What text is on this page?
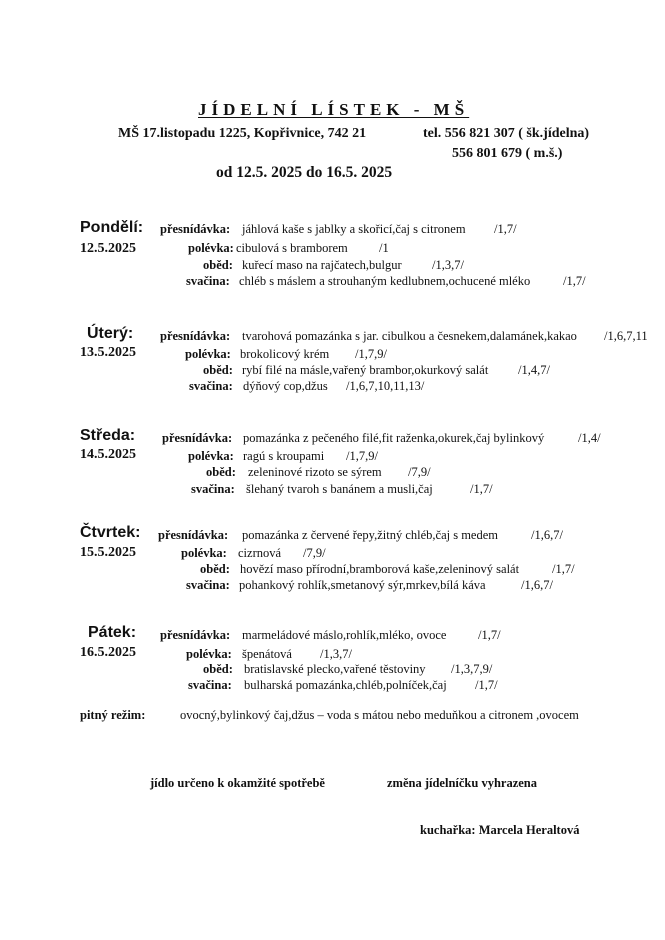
JÍDELNÍ LÍSTEK - MŠ
MŠ 17.listopadu 1225, Kopřivnice, 742 21	tel. 556 821 307 ( šk.jídelna)
556 801 679 ( m.š.)
od 12.5. 2025 do 16.5. 2025
Pondělí:
12.5.2025
přesnídávka: jáhlová kaše s jablky a skořicí,čaj s citronem /1,7/
polévka: cibulová s bramborem /1
oběd: kuřecí maso na rajčatech,bulgur /1,3,7/
svačina: chléb s máslem a strouhaným kedlubnem,ochucené mléko	/1,7/
Úterý:
13.5.2025
přesnídávka: tvarohová pomazánka s jar. cibulkou a česnekem,dalamánek,kakao /1,6,7,11
polévka: brokolicový krém /1,7,9/
oběd: rybí filé na másle,vařený brambor,okurkový salát /1,4,7/
svačina: dýňový cop,džus /1,6,7,10,11,13/
Středa:
14.5.2025
přesnídávka: pomazánka z pečeného filé,fit raženka,okurek,čaj bylinkový	/1,4/
polévka: ragú s kroupami /1,7,9/
oběd: zeleninové rizoto se sýrem /7,9/
svačina: šlehaný tvaroh s banánem a musli,čaj	/1,7/
Čtvrtek:
15.5.2025
přesnídávka: pomazánka z červené řepy,žitný chléb,čaj s medem	/1,6,7/
polévka: cizrnová /7,9/
oběd: hovězí maso přírodní,bramborová kaše,zeleninový salát	/1,7/
svačina: pohankový rohlík,smetanový sýr,mrkev,bílá káva	/1,6,7/
Pátek:
16.5.2025
přesnídávka: marmeládové máslo,rohlík,mléko, ovoce	/1,7/
polévka: špenátová /1,3,7/
oběd: bratislavské plecko,vařené těstoviny /1,3,7,9/
svačina: bulharská pomazánka,chléb,polníček,čaj /1,7/
pitný režim:	ovocný,bylinkový čaj,džus – voda s mátou nebo meduňkou a citronem ,ovocem
jídlo určeno k okamžité spotřebě	změna jídelníčku vyhrazena
kuchařka: Marcela Heraltová
